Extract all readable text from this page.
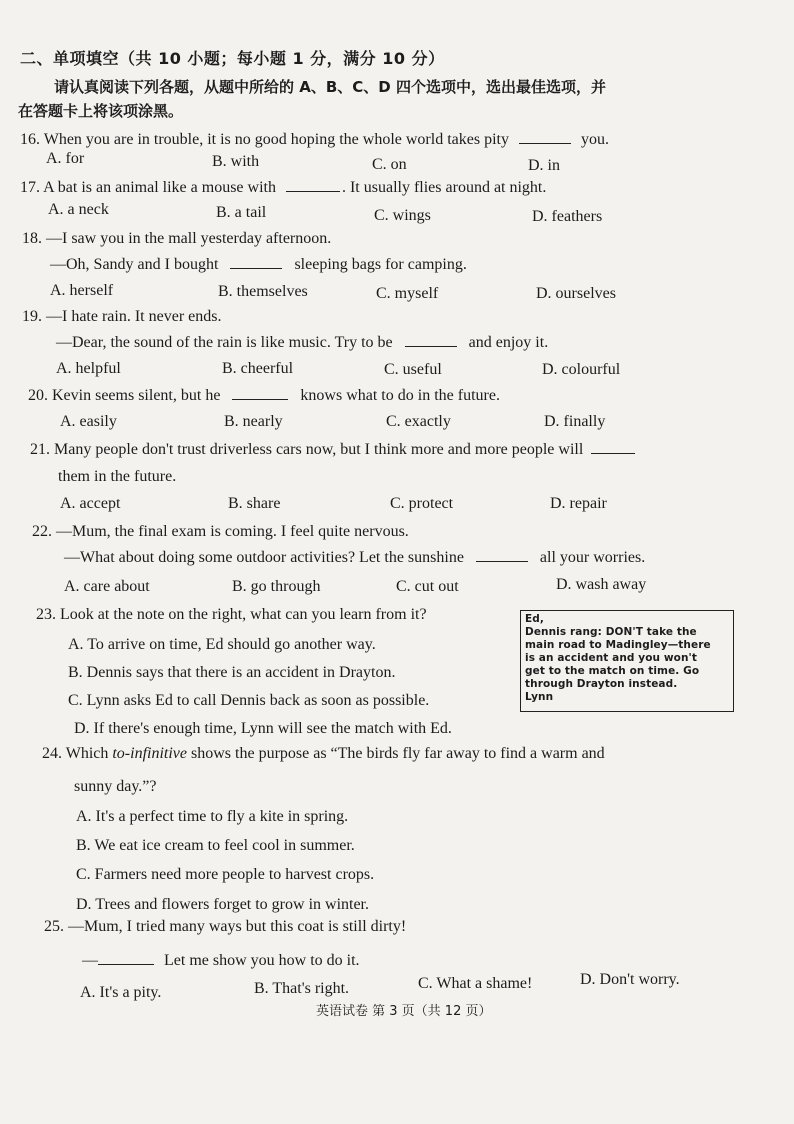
二、单项填空（共 10 小题；每小题 1 分，满分 10 分）
请认真阅读下列各题，从题中所给的 A、B、C、D 四个选项中，选出最佳选项，并
在答题卡上将该项涂黑。
16. When you are in trouble, it is no good hoping the whole world takes pity	you.
A. for	B. with	C. on	D. in
17. A bat is an animal like a mouse with	. It usually flies around at night.
A. a neck	B. a tail	C. wings	D. feathers
18. —I saw you in the mall yesterday afternoon.
—Oh, Sandy and I bought	sleeping bags for camping.
A. herself	B. themselves	C. myself	D. ourselves
19. —I hate rain. It never ends.
—Dear, the sound of the rain is like music. Try to be	and enjoy it.
A. helpful	B. cheerful	C. useful	D. colourful
20. Kevin seems silent, but he	knows what to do in the future.
A. easily	B. nearly	C. exactly	D. finally
21. Many people don't trust driverless cars now, but I think more and more people will
them in the future.
A. accept	B. share	C. protect	D. repair
22. —Mum, the final exam is coming. I feel quite nervous.
—What about doing some outdoor activities? Let the sunshine	all your worries.
A. care about	B. go through	C. cut out	D. wash away
23. Look at the note on the right, what can you learn from it?
A. To arrive on time, Ed should go another way.
B. Dennis says that there is an accident in Drayton.
C. Lynn asks Ed to call Dennis back as soon as possible.
D. If there's enough time, Lynn will see the match with Ed.
Ed,
Dennis rang: DON'T take the
main road to Madingley—there
is an accident and you won't
get to the match on time. Go
through Drayton instead.
Lynn
24. Which to-infinitive shows the purpose as “The birds fly far away to find a warm and
sunny day.”?
A. It's a perfect time to fly a kite in spring.
B. We eat ice cream to feel cool in summer.
C. Farmers need more people to harvest crops.
D. Trees and flowers forget to grow in winter.
25. —Mum, I tried many ways but this coat is still dirty!
—	Let me show you how to do it.
A. It's a pity.	B. That's right.	C. What a shame!	D. Don't worry.
英语试卷 第 3 页（共 12 页）
